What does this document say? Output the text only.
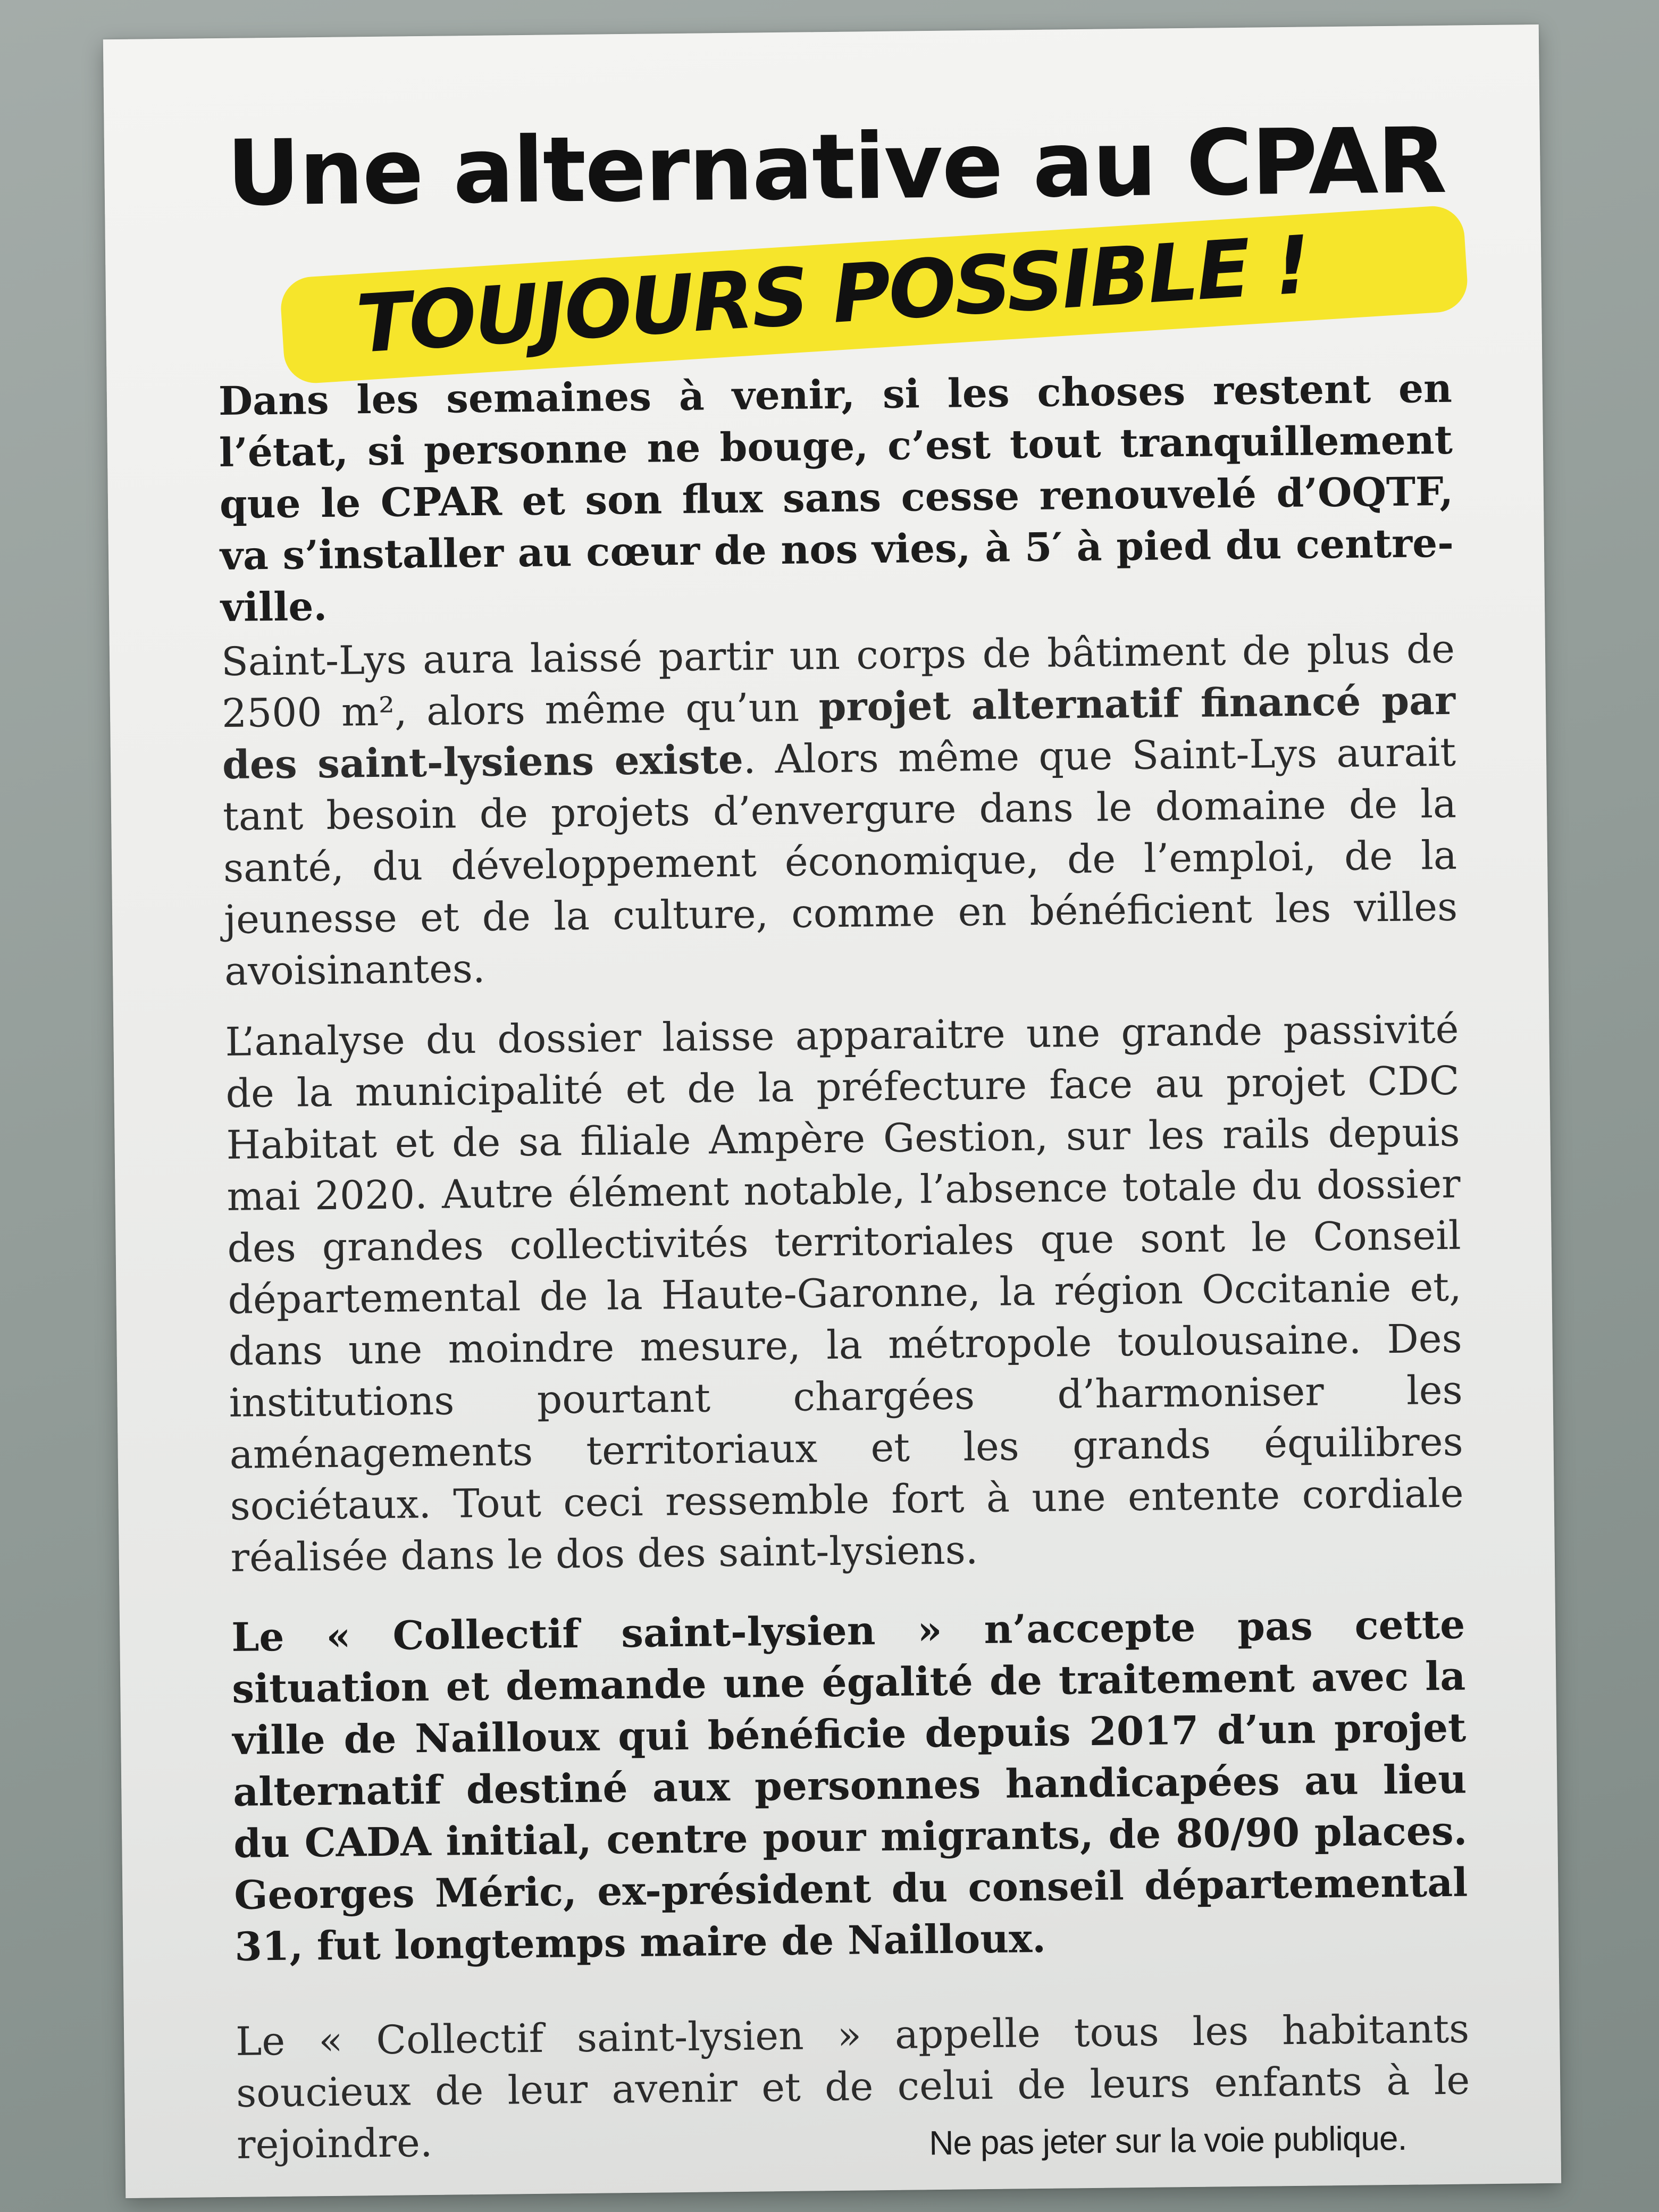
Une alternative au CPAR
TOUJOURS POSSIBLE !

Dans les semaines à venir, si les choses restent en l’état, si personne ne bouge, c’est tout tranquillement que le CPAR et son flux sans cesse renouvelé d’OQTF, va s’installer au cœur de nos vies, à 5′ à pied du centre-ville.

Saint-Lys aura laissé partir un corps de bâtiment de plus de 2500 m², alors même qu’un projet alternatif financé par des saint-lysiens existe. Alors même que Saint-Lys aurait tant besoin de projets d’envergure dans le domaine de la santé, du développement économique, de l’emploi, de la jeunesse et de la culture, comme en bénéficient les villes avoisinantes.

L’analyse du dossier laisse apparaitre une grande passivité de la municipalité et de la préfecture face au projet CDC Habitat et de sa filiale Ampère Gestion, sur les rails depuis mai 2020. Autre élément notable, l’absence totale du dossier des grandes collectivités territoriales que sont le Conseil départemental de la Haute-Garonne, la région Occitanie et, dans une moindre mesure, la métropole toulousaine. Des institutions pourtant chargées d’harmoniser les aménagements territoriaux et les grands équilibres sociétaux. Tout ceci ressemble fort à une entente cordiale réalisée dans le dos des saint-lysiens.

Le « Collectif saint-lysien » n’accepte pas cette situation et demande une égalité de traitement avec la ville de Nailloux qui bénéficie depuis 2017 d’un projet alternatif destiné aux personnes handicapées au lieu du CADA initial, centre pour migrants, de 80/90 places. Georges Méric, ex-président du conseil départemental 31, fut longtemps maire de Nailloux.

Le « Collectif saint-lysien » appelle tous les habitants soucieux de leur avenir et de celui de leurs enfants à le rejoindre.	Ne pas jeter sur la voie publique.
